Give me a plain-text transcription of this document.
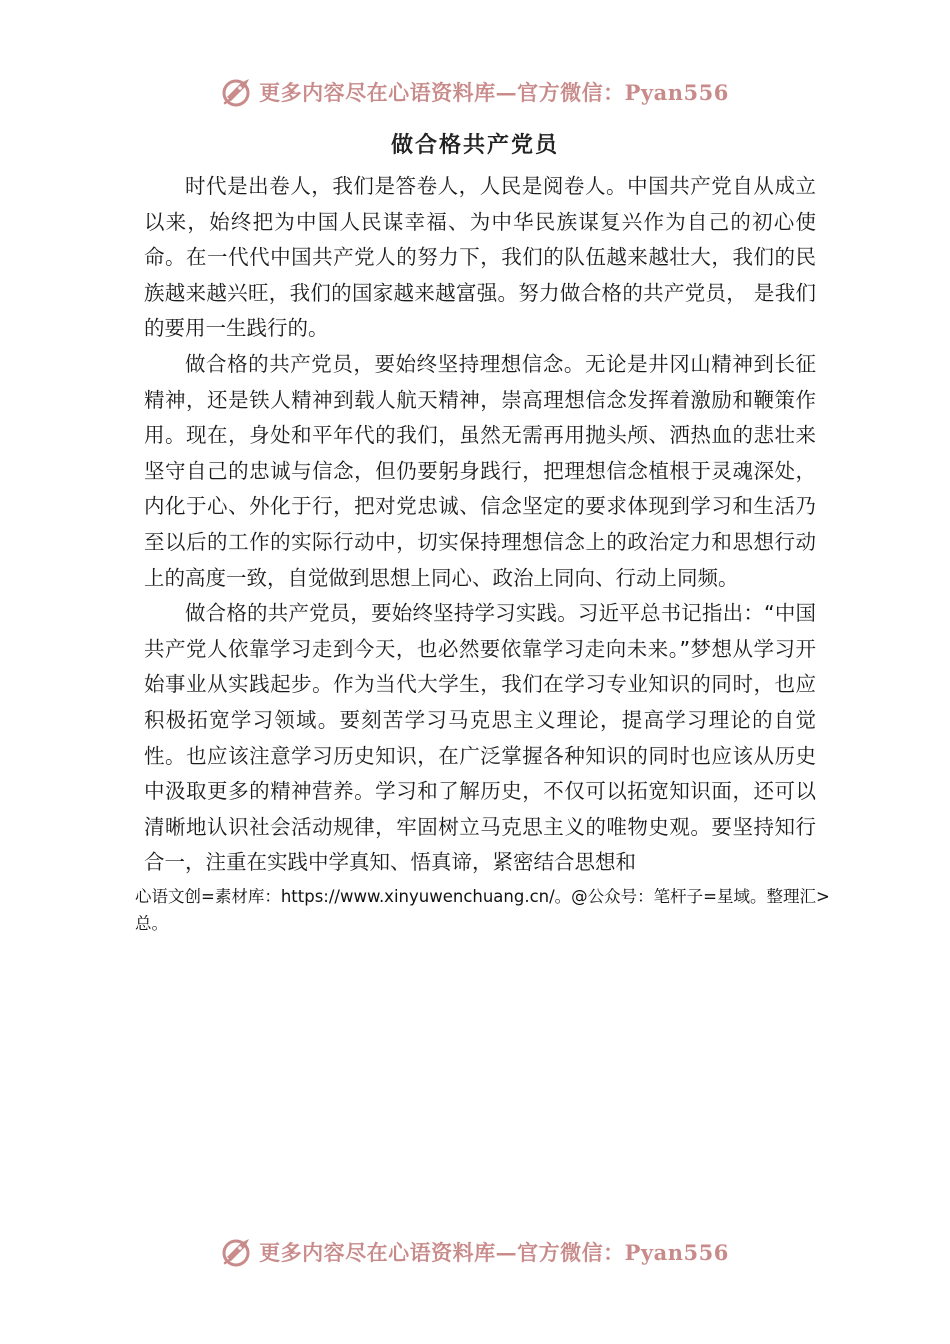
更多内容尽在心语资料库—官方微信：Pyan556
做合格共产党员

时代是出卷人，我们是答卷人，人民是阅卷人。中国共产党自从成立以来，始终把为中国人民谋幸福、为中华民族谋复兴作为自己的初心使命。在一代代中国共产党人的努力下，我们的队伍越来越壮大，我们的民族越来越兴旺，我们的国家越来越富强。努力做合格的共产党员， 是我们的要用一生践行的。

做合格的共产党员，要始终坚持理想信念。无论是井冈山精神到长征精神，还是铁人精神到载人航天精神，崇高理想信念发挥着激励和鞭策作用。现在，身处和平年代的我们，虽然无需再用抛头颅、洒热血的悲壮来坚守自己的忠诚与信念，但仍要躬身践行，把理想信念植根于灵魂深处，内化于心、外化于行，把对党忠诚、信念坚定的要求体现到学习和生活乃至以后的工作的实际行动中，切实保持理想信念上的政治定力和思想行动上的高度一致，自觉做到思想上同心、政治上同向、行动上同频。

做合格的共产党员，要始终坚持学习实践。习近平总书记指出：“中国共产党人依靠学习走到今天，也必然要依靠学习走向未来。”梦想从学习开始事业从实践起步。作为当代大学生，我们在学习专业知识的同时，也应积极拓宽学习领域。要刻苦学习马克思主义理论，提高学习理论的自觉性。也应该注意学习历史知识，在广泛掌握各种知识的同时也应该从历史中汲取更多的精神营养。学习和了解历史，不仅可以拓宽知识面，还可以清晰地认识社会活动规律，牢固树立马克思主义的唯物史观。要坚持知行合一，注重在实践中学真知、悟真谛，紧密结合思想和

心语文创=素材库：https://www.xinyuwenchuang.cn/。@公众号：笔杆子=星域。整理汇>总。
更多内容尽在心语资料库—官方微信：Pyan556
